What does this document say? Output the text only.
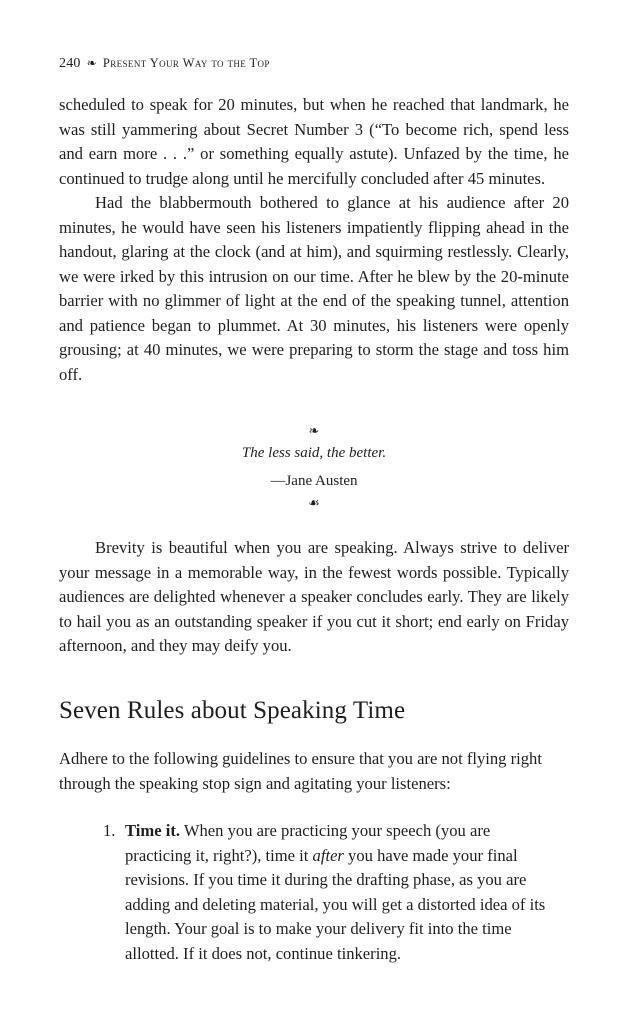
240 ❧ Present Your Way to the Top

scheduled to speak for 20 minutes, but when he reached that landmark, he was still yammering about Secret Number 3 (“To become rich, spend less and earn more . . .” or something equally astute). Unfazed by the time, he continued to trudge along until he mercifully concluded after 45 minutes.

Had the blabbermouth bothered to glance at his audience after 20 minutes, he would have seen his listeners impatiently flipping ahead in the handout, glaring at the clock (and at him), and squirming restlessly. Clearly, we were irked by this intrusion on our time. After he blew by the 20-minute barrier with no glimmer of light at the end of the speaking tunnel, attention and patience began to plummet. At 30 minutes, his listeners were openly grousing; at 40 minutes, we were preparing to storm the stage and toss him off.

❧
The less said, the better.
—Jane Austen
☙

Brevity is beautiful when you are speaking. Always strive to deliver your message in a memorable way, in the fewest words possible. Typically audiences are delighted whenever a speaker concludes early. They are likely to hail you as an outstanding speaker if you cut it short; end early on Friday afternoon, and they may deify you.

Seven Rules about Speaking Time

Adhere to the following guidelines to ensure that you are not flying right through the speaking stop sign and agitating your listeners:

1. Time it. When you are practicing your speech (you are practicing it, right?), time it after you have made your final revisions. If you time it during the drafting phase, as you are adding and deleting material, you will get a distorted idea of its length. Your goal is to make your delivery fit into the time allotted. If it does not, continue tinkering.
